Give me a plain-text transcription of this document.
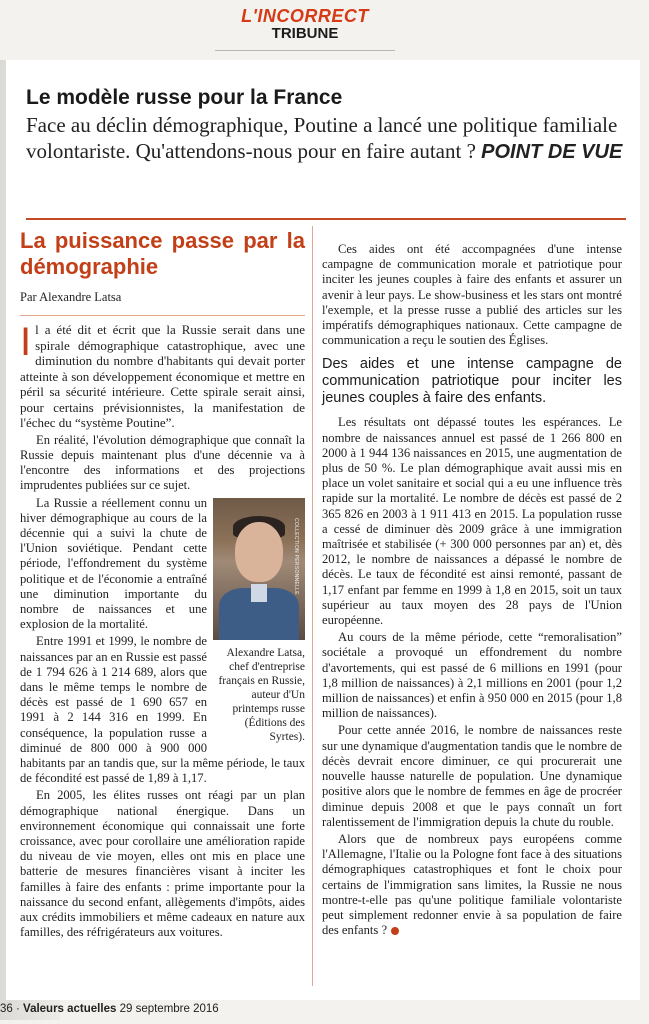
L'INCORRECT
TRIBUNE
Le modèle russe pour la France
Face au déclin démographique, Poutine a lancé une politique familiale volontariste. Qu'attendons-nous pour en faire autant ? POINT DE VUE
La puissance passe par la démographie
Par Alexandre Latsa
I l a été dit et écrit que la Russie serait dans une spirale démographique catastrophique, avec une diminution du nombre d'habitants qui devait porter atteinte à son développement économique et mettre en péril sa sécurité intérieure. Cette spirale serait ainsi, pour certains prévisionnistes, la manifestation de l'échec du “système Poutine”.
En réalité, l'évolution démographique que connaît la Russie depuis maintenant plus d'une décennie va à l'encontre des informations et des projections imprudentes publiées sur ce sujet.
COLLECTION PERSONNELLE
Alexandre Latsa, chef d'entreprise français en Russie, auteur d'Un printemps russe (Éditions des Syrtes).
La Russie a réellement connu un hiver démographique au cours de la décennie qui a suivi la chute de l'Union soviétique. Pendant cette période, l'effondrement du système politique et de l'économie a entraîné une diminution importante du nombre de naissances et une explosion de la mortalité.
Entre 1991 et 1999, le nombre de naissances par an en Russie est passé de 1 794 626 à 1 214 689, alors que dans le même temps le nombre de décès est passé de 1 690 657 en 1991 à 2 144 316 en 1999. En conséquence, la population russe a diminué de 800 000 à 900 000 habitants par an tandis que, sur la même période, le taux de fécondité est passé de 1,89 à 1,17.
En 2005, les élites russes ont réagi par un plan démographique national énergique. Dans un environnement économique qui connaissait une forte croissance, avec pour corollaire une amélioration rapide du niveau de vie moyen, elles ont mis en place une batterie de mesures financières visant à inciter les familles à faire des enfants : prime importante pour la naissance du second enfant, allègements d'impôts, aides aux crédits immobiliers et même cadeaux en nature aux familles, des réfrigérateurs aux voitures.
Ces aides ont été accompagnées d'une intense campagne de communication morale et patriotique pour inciter les jeunes couples à faire des enfants et assurer un avenir à leur pays. Le show-business et les stars ont montré l'exemple, et la presse russe a publié des articles sur les impératifs démographiques nationaux. Cette campagne de communication a reçu le soutien des Églises.
Des aides et une intense campagne de communication patriotique pour inciter les jeunes couples à faire des enfants.
Les résultats ont dépassé toutes les espérances. Le nombre de naissances annuel est passé de 1 266 800 en 2000 à 1 944 136 naissances en 2015, une augmentation de plus de 50 %. Le plan démographique avait aussi mis en place un volet sanitaire et social qui a eu une influence très rapide sur la mortalité. Le nombre de décès est passé de 2 365 826 en 2003 à 1 911 413 en 2015. La population russe a cessé de diminuer dès 2009 grâce à une immigration maîtrisée et stabilisée (+ 300 000 personnes par an) et, dès 2012, le nombre de naissances a dépassé le nombre de décès. Le taux de fécondité est ainsi remonté, passant de 1,17 enfant par femme en 1999 à 1,8 en 2015, soit un taux supérieur au taux moyen des 28 pays de l'Union européenne.
Au cours de la même période, cette “remoralisation” sociétale a provoqué un effondrement du nombre d'avortements, qui est passé de 6 millions en 1991 (pour 1,8 million de naissances) à 2,1 millions en 2001 (pour 1,2 million de naissances) et enfin à 950 000 en 2015 (pour 1,8 million de naissances).
Pour cette année 2016, le nombre de naissances reste sur une dynamique d'augmentation tandis que le nombre de décès devrait encore diminuer, ce qui procurerait une nouvelle hausse naturelle de population. Une dynamique positive alors que le nombre de femmes en âge de procréer diminue depuis 2008 et que le pays connaît un fort ralentissement de l'immigration depuis la chute du rouble.
Alors que de nombreux pays européens comme l'Allemagne, l'Italie ou la Pologne font face à des situations démographiques catastrophiques et font le choix pour certains de l'immigration sans limites, la Russie ne nous montre-t-elle pas qu'une politique familiale volontariste peut simplement redonner envie à sa population de faire des enfants ?
36 · Valeurs actuelles 29 septembre 2016
